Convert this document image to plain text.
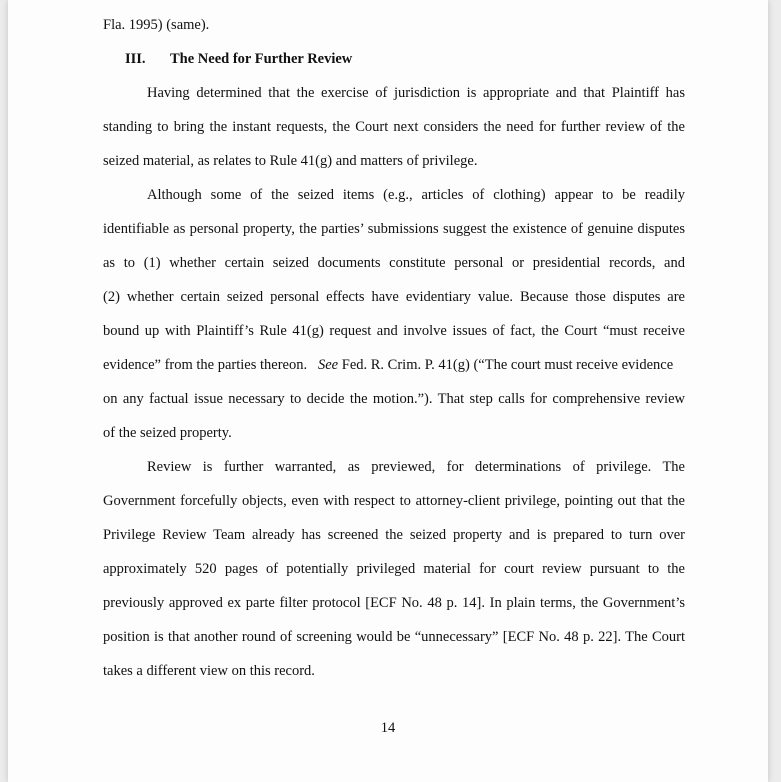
Fla. 1995) (same).
III. The Need for Further Review
Having determined that the exercise of jurisdiction is appropriate and that Plaintiff has
standing to bring the instant requests, the Court next considers the need for further review of the
seized material, as relates to Rule 41(g) and matters of privilege.
Although some of the seized items (e.g., articles of clothing) appear to be readily
identifiable as personal property, the parties’ submissions suggest the existence of genuine disputes
as to (1) whether certain seized documents constitute personal or presidential records, and
(2) whether certain seized personal effects have evidentiary value. Because those disputes are
bound up with Plaintiff’s Rule 41(g) request and involve issues of fact, the Court “must receive
evidence” from the parties thereon. See Fed. R. Crim. P. 41(g) (“The court must receive evidence
on any factual issue necessary to decide the motion.”). That step calls for comprehensive review
of the seized property.
Review is further warranted, as previewed, for determinations of privilege. The
Government forcefully objects, even with respect to attorney-client privilege, pointing out that the
Privilege Review Team already has screened the seized property and is prepared to turn over
approximately 520 pages of potentially privileged material for court review pursuant to the
previously approved ex parte filter protocol [ECF No. 48 p. 14]. In plain terms, the Government’s
position is that another round of screening would be “unnecessary” [ECF No. 48 p. 22]. The Court
takes a different view on this record.
14
